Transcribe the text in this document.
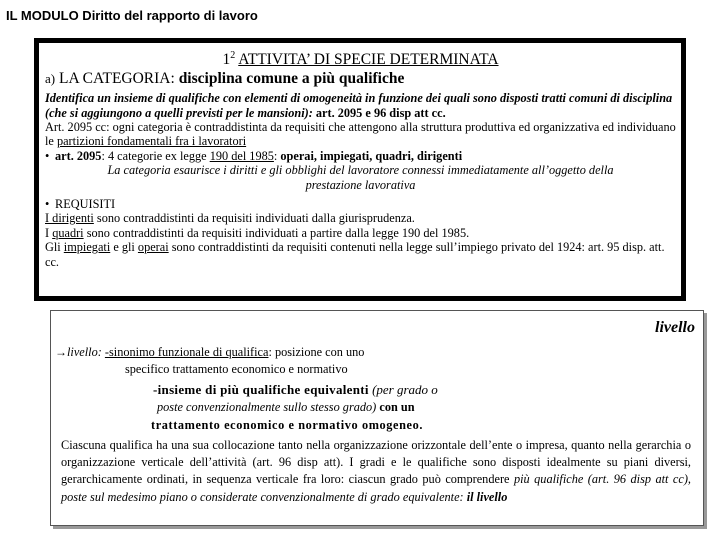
IL MODULO Diritto del rapporto di lavoro
$1^2$ ATTIVITA’ DI SPECIE DETERMINATA
a) LA CATEGORIA: disciplina comune a più qualifiche
Identifica un insieme di qualifiche con elementi di omogeneità in funzione dei quali sono disposti tratti comuni di disciplina (che si aggiungono a quelli previsti per le mansioni): art. 2095 e 96 disp att cc.
Art. 2095 cc: ogni categoria è contraddistinta da requisiti che attengono alla struttura produttiva ed organizzativa ed individuano le partizioni fondamentali fra i lavoratori
• art. 2095: 4 categorie ex legge 190 del 1985: operai, impiegati, quadri, dirigenti
La categoria esaurisce i diritti e gli obblighi del lavoratore connessi immediatamente all’oggetto della prestazione lavorativa
• REQUISITI
I dirigenti sono contraddistinti da requisiti individuati dalla giurisprudenza.
I quadri sono contraddistinti da requisiti individuati a partire dalla legge 190 del 1985.
Gli impiegati e gli operai sono contraddistinti da requisiti contenuti nella legge sull’impiego privato del 1924: art. 95 disp. att. cc.
livello
→livello: -sinonimo funzionale di qualifica: posizione con uno
specifico trattamento economico e normativo
-insieme di più qualifiche equivalenti (per grado o
poste convenzionalmente sullo stesso grado) con un
trattamento economico e normativo omogeneo.
Ciascuna qualifica ha una sua collocazione tanto nella organizzazione orizzontale dell’ente o impresa, quanto nella gerarchia o organizzazione verticale dell’attività (art. 96 disp att). I gradi e le qualifiche sono disposti idealmente su piani diversi, gerarchicamente ordinati, in sequenza verticale fra loro: ciascun grado può comprendere più qualifiche (art. 96 disp att cc), poste sul medesimo piano o considerate convenzionalmente di grado equivalente: il livello
